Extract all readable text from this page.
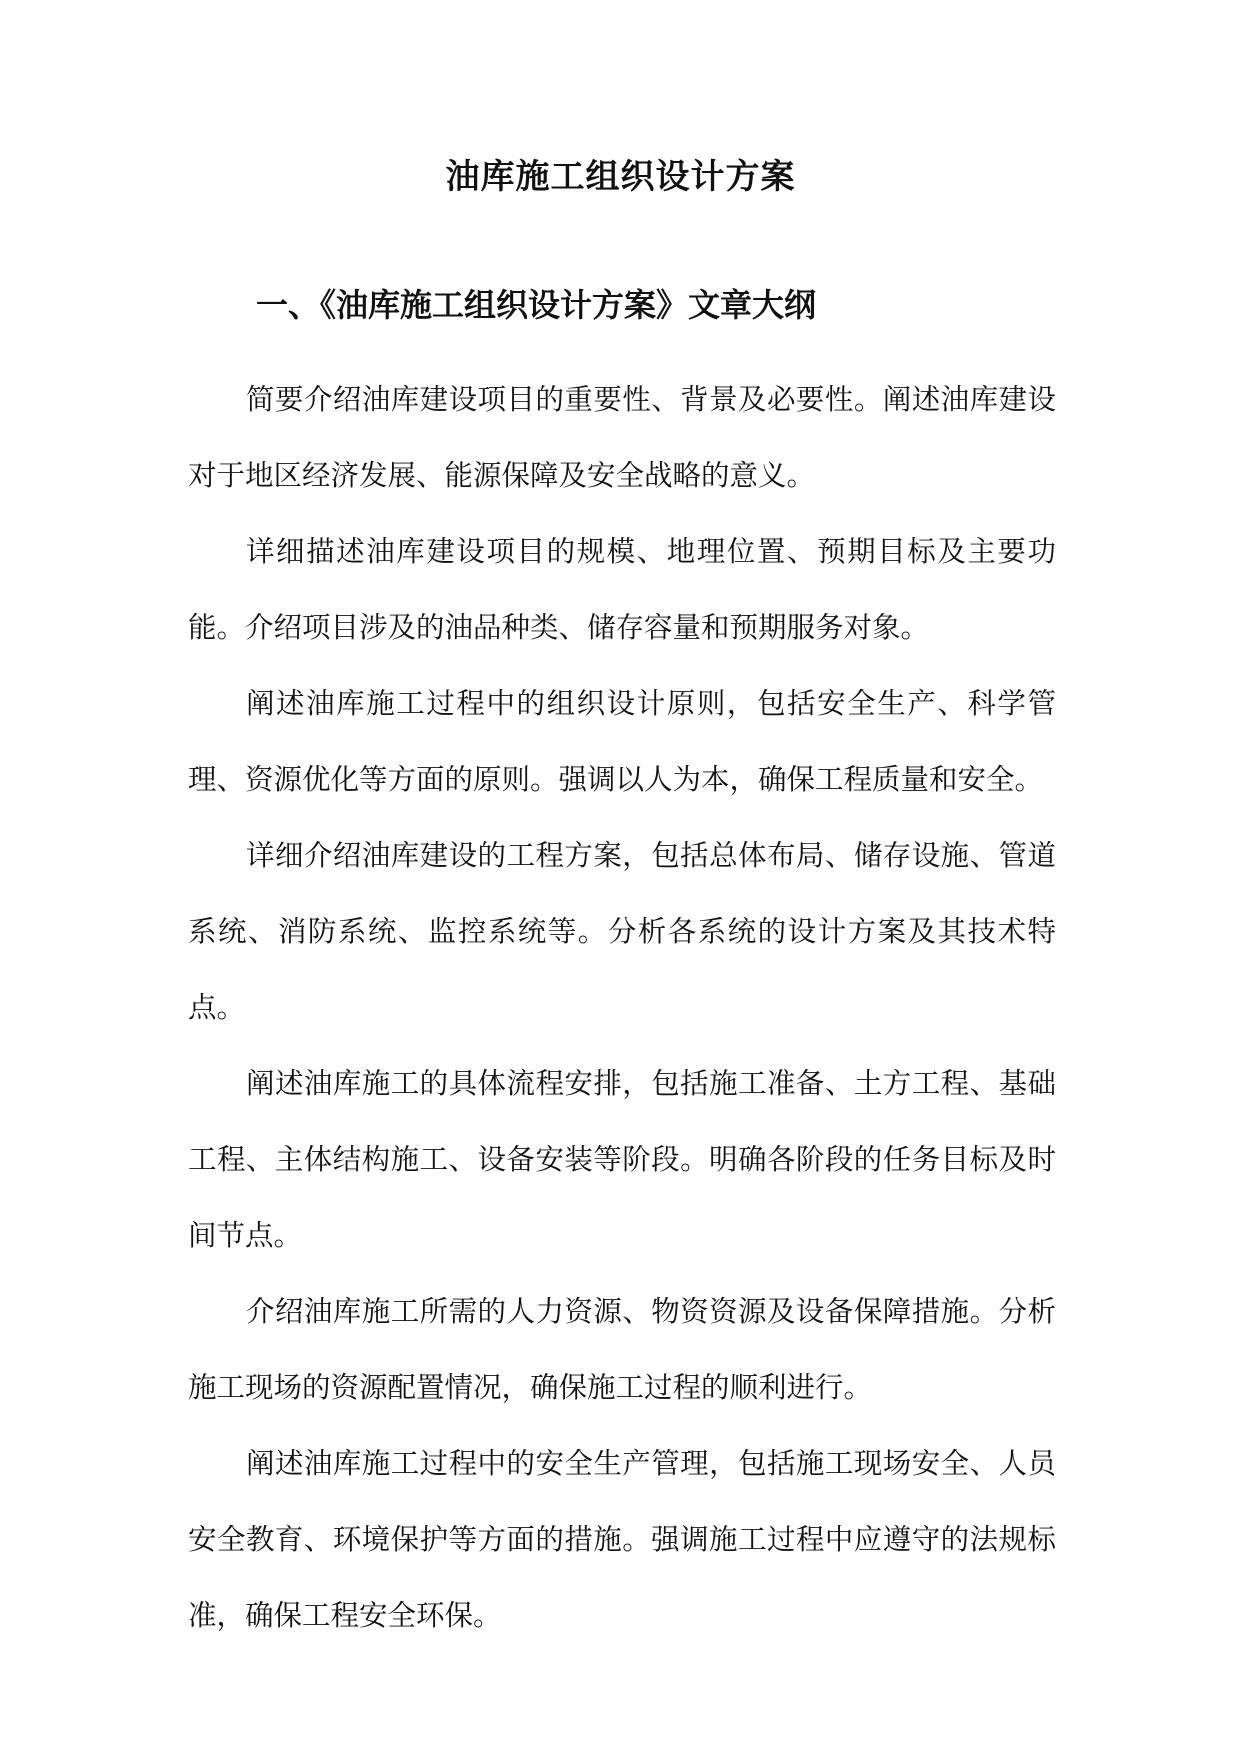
油库施工组织设计方案
一、《油库施工组织设计方案》文章大纲

简要介绍油库建设项目的重要性、背景及必要性。阐述油库建设对于地区经济发展、能源保障及安全战略的意义。

详细描述油库建设项目的规模、地理位置、预期目标及主要功能。介绍项目涉及的油品种类、储存容量和预期服务对象。

阐述油库施工过程中的组织设计原则，包括安全生产、科学管理、资源优化等方面的原则。强调以人为本，确保工程质量和安全。

详细介绍油库建设的工程方案，包括总体布局、储存设施、管道系统、消防系统、监控系统等。分析各系统的设计方案及其技术特点。

阐述油库施工的具体流程安排，包括施工准备、土方工程、基础工程、主体结构施工、设备安装等阶段。明确各阶段的任务目标及时间节点。

介绍油库施工所需的人力资源、物资资源及设备保障措施。分析施工现场的资源配置情况，确保施工过程的顺利进行。

阐述油库施工过程中的安全生产管理，包括施工现场安全、人员安全教育、环境保护等方面的措施。强调施工过程中应遵守的法规标准，确保工程安全环保。
